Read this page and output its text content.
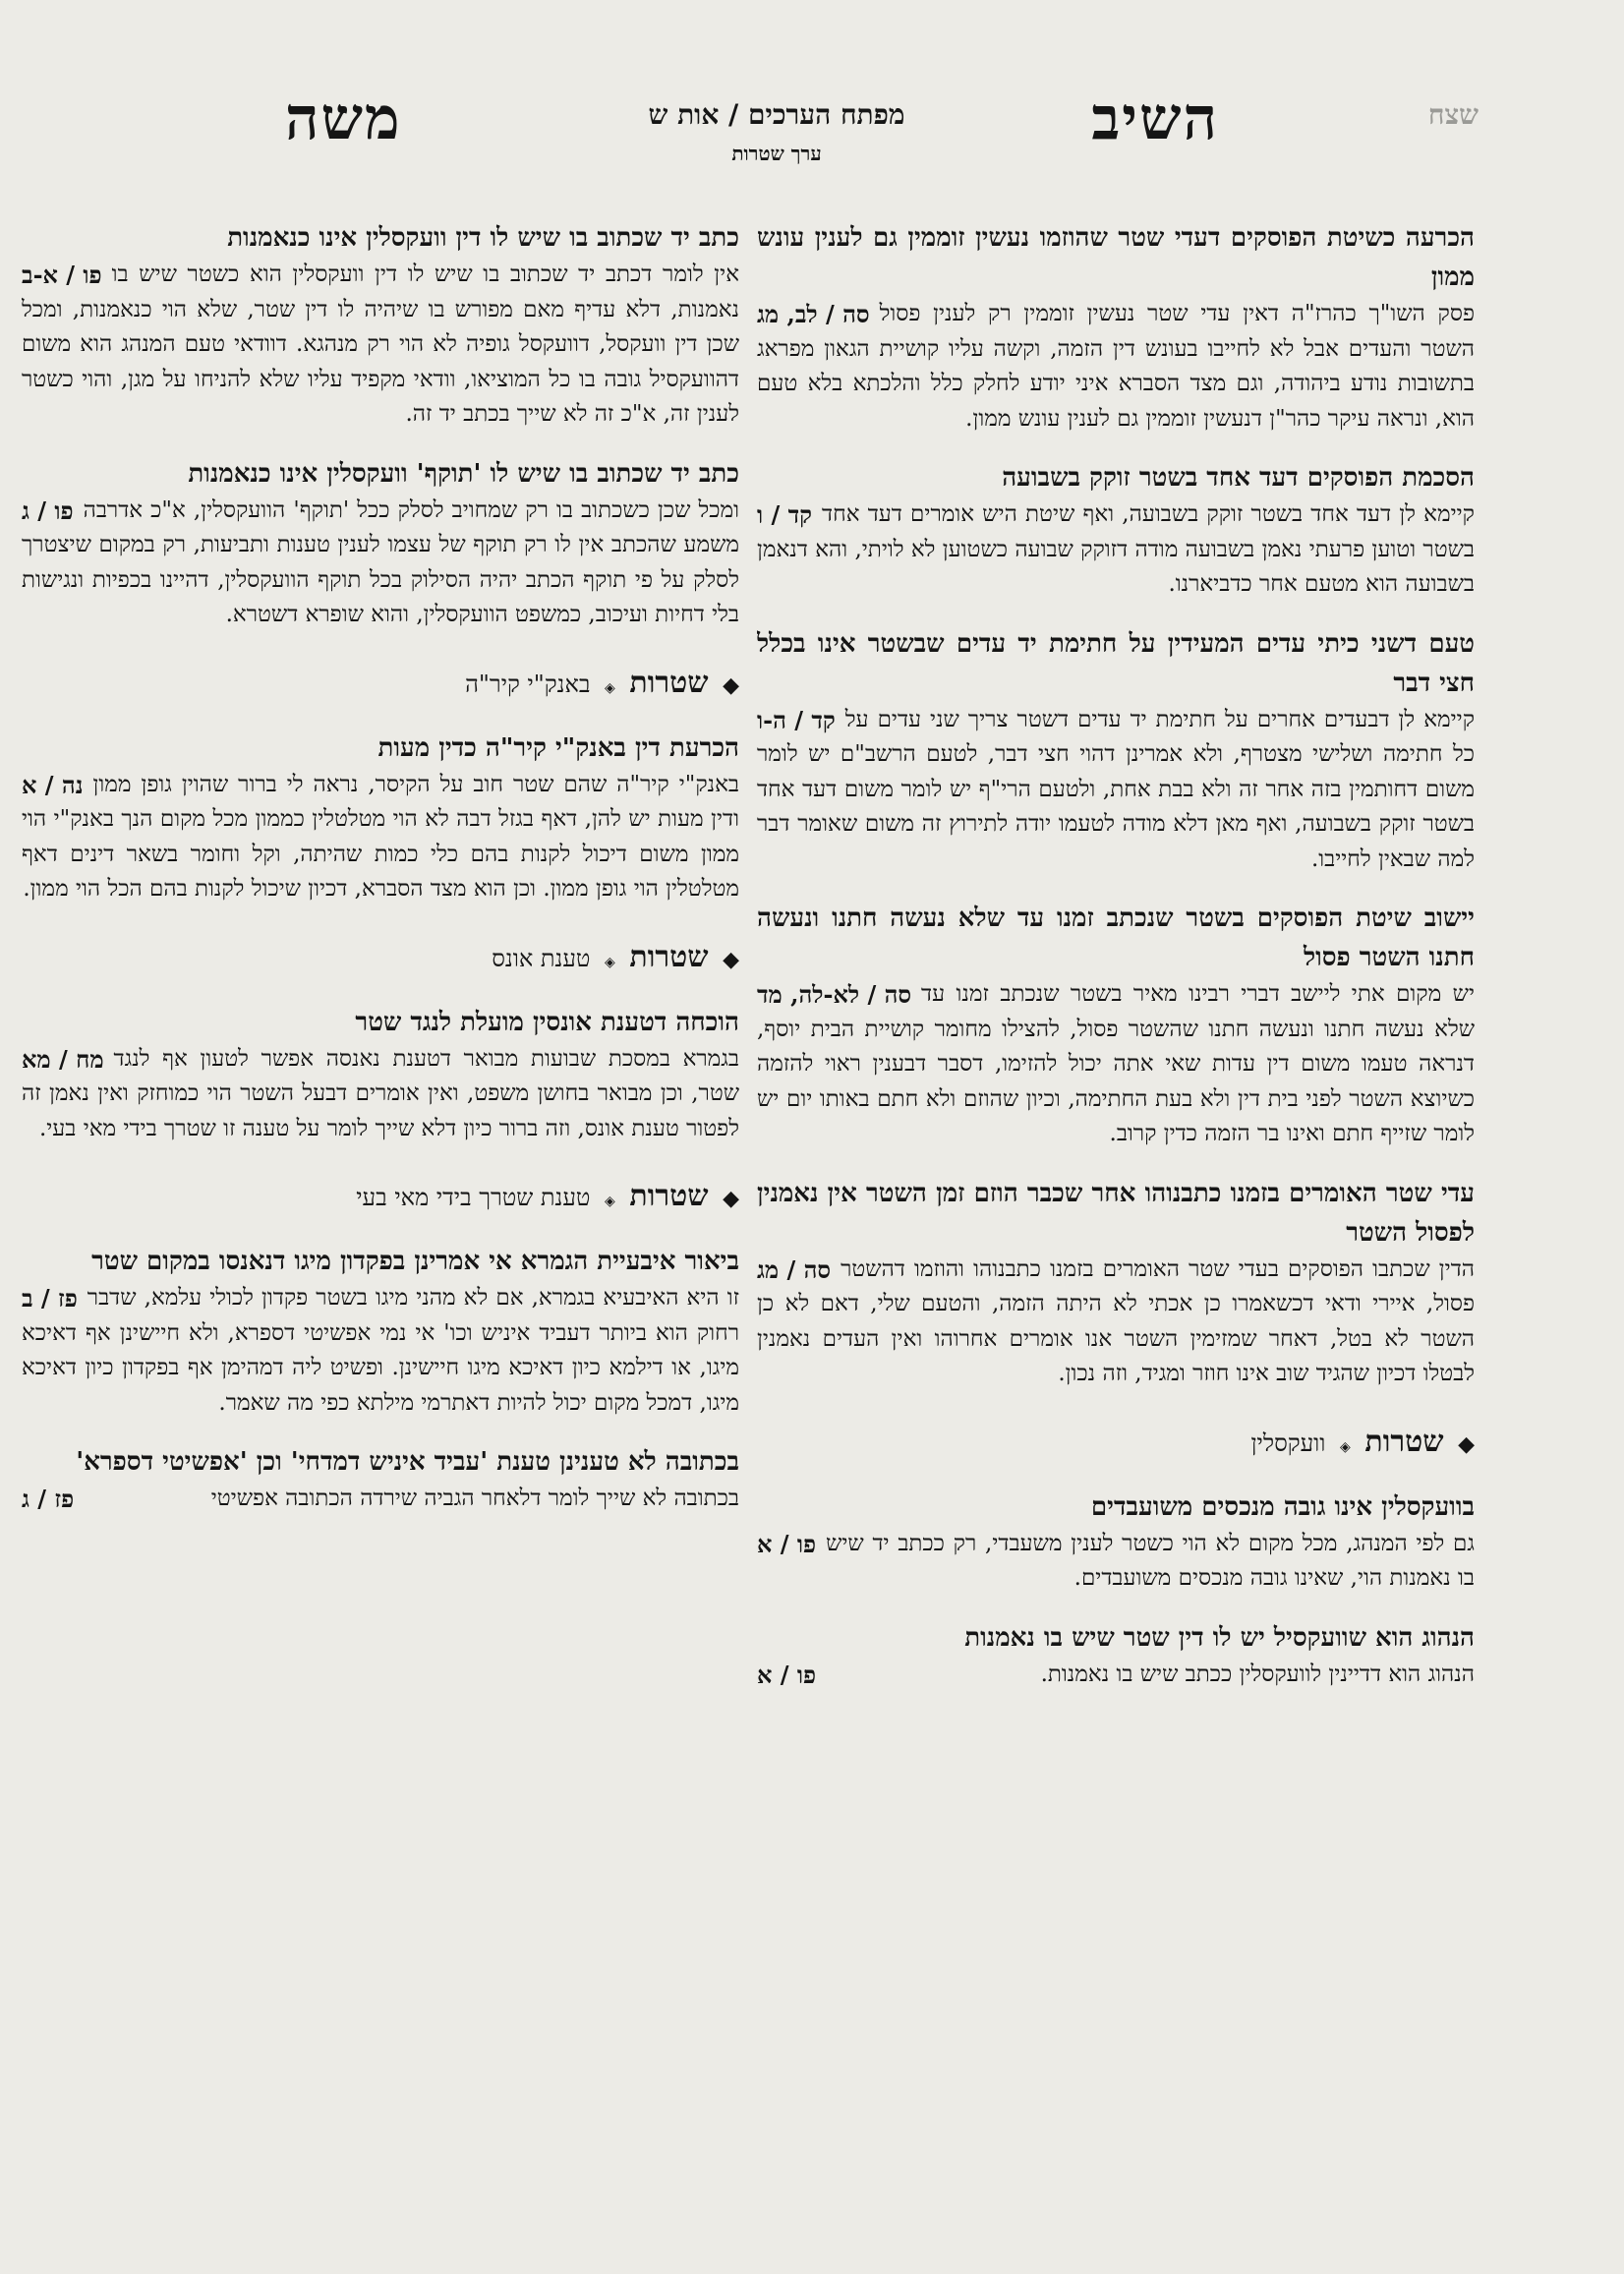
שצח
השיב
מפתח הערכים / אות ש
ערך שטרות
משה
הכרעה כשיטת הפוסקים דעדי שטר שהוזמו נעשין זוממין גם לענין עונש ממון
סה / לב, מג פסק השו"ך כהרז"ה דאין עדי שטר נעשין זוממין רק לענין פסול השטר והעדים אבל לא לחייבו בעונש דין הזמה, וקשה עליו קושיית הגאון מפראג בתשובות נודע ביהודה, וגם מצד הסברא איני יודע לחלק כלל והלכתא בלא טעם הוא, ונראה עיקר כהר"ן דנעשין זוממין גם לענין עונש ממון.
הסכמת הפוסקים דעד אחד בשטר זוקק בשבועה
קד / ו קיימא לן דעד אחד בשטר זוקק בשבועה, ואף שיטת היש אומרים דעד אחד בשטר וטוען פרעתי נאמן בשבועה מודה דזוקק שבועה כשטוען לא לויתי, והא דנאמן בשבועה הוא מטעם אחר כדביארנו.
טעם דשני כיתי עדים המעידין על חתימת יד עדים שבשטר אינו בכלל חצי דבר
קד / ה-ו קיימא לן דבעדים אחרים על חתימת יד עדים דשטר צריך שני עדים על כל חתימה ושלישי מצטרף, ולא אמרינן דהוי חצי דבר, לטעם הרשב"ם יש לומר משום דחותמין בזה אחר זה ולא בבת אחת, ולטעם הרי"ף יש לומר משום דעד אחד בשטר זוקק בשבועה, ואף מאן דלא מודה לטעמו יודה לתירוץ זה משום שאומר דבר למה שבאין לחייבו.
יישוב שיטת הפוסקים בשטר שנכתב זמנו עד שלא נעשה חתנו ונעשה חתנו השטר פסול
סה / לא-לה, מד יש מקום אתי ליישב דברי רבינו מאיר בשטר שנכתב זמנו עד שלא נעשה חתנו ונעשה חתנו שהשטר פסול, להצילו מחומר קושיית הבית יוסף, דנראה טעמו משום דין עדות שאי אתה יכול להזימו, דסבר דבענין ראוי להזמה כשיוצא השטר לפני בית דין ולא בעת החתימה, וכיון שהוזם ולא חתם באותו יום יש לומר שזייף חתם ואינו בר הזמה כדין קרוב.
עדי שטר האומרים בזמנו כתבנוהו אחר שכבר הוזם זמן השטר אין נאמנין לפסול השטר
סה / מג הדין שכתבו הפוסקים בעדי שטר האומרים בזמנו כתבנוהו והוזמו דהשטר פסול, איירי ודאי דכשאמרו כן אכתי לא היתה הזמה, והטעם שלי, דאם לא כן השטר לא בטל, דאחר שמזימין השטר אנו אומרים אחרוהו ואין העדים נאמנין לבטלו דכיון שהגיד שוב אינו חוזר ומגיד, וזה נכון.
◆ שטרות ◈ וועקסלין
בוועקסלין אינו גובה מנכסים משועבדים
פו / א גם לפי המנהג, מכל מקום לא הוי כשטר לענין משעבדי, רק ככתב יד שיש בו נאמנות הוי, שאינו גובה מנכסים משועבדים.
הנהוג הוא שוועקסיל יש לו דין שטר שיש בו נאמנות
פו / א	הנהוג הוא דדיינין לוועקסלין ככתב שיש בו נאמנות.
כתב יד שכתוב בו שיש לו דין וועקסלין אינו כנאמנות
פו / א-ב אין לומר דכתב יד שכתוב בו שיש לו דין וועקסלין הוא כשטר שיש בו נאמנות, דלא עדיף מאם מפורש בו שיהיה לו דין שטר, שלא הוי כנאמנות, ומכל שכן דין וועקסל, דוועקסל גופיה לא הוי רק מנהגא. דוודאי טעם המנהג הוא משום דהוועקסיל גובה בו כל המוציאו, וודאי מקפיד עליו שלא להניחו על מגן, והוי כשטר לענין זה, א"כ זה לא שייך בכתב יד זה.
כתב יד שכתוב בו שיש לו 'תוקף' וועקסלין אינו כנאמנות
פו / ג ומכל שכן כשכתוב בו רק שמחויב לסלק ככל 'תוקף' הוועקסלין, א"כ אדרבה משמע שהכתב אין לו רק תוקף של עצמו לענין טענות ותביעות, רק במקום שיצטרך לסלק על פי תוקף הכתב יהיה הסילוק בכל תוקף הוועקסלין, דהיינו בכפיות ונגישות בלי דחיות ועיכוב, כמשפט הוועקסלין, והוא שופרא דשטרא.
◆ שטרות ◈ באנק"י קיר"ה
הכרעת דין באנק"י קיר"ה כדין מעות
נה / א באנק"י קיר"ה שהם שטר חוב על הקיסר, נראה לי ברור שהוין גופן ממון ודין מעות יש להן, דאף בגזל דבה לא הוי מטלטלין כממון מכל מקום הנך באנק"י הוי ממון משום דיכול לקנות בהם כלי כמות שהיתה, וקל וחומר בשאר דינים דאף מטלטלין הוי גופן ממון. וכן הוא מצד הסברא, דכיון שיכול לקנות בהם הכל הוי ממון.
◆ שטרות ◈ טענת אונס
הוכחה דטענת אונסין מועלת לנגד שטר
מח / מא בגמרא במסכת שבועות מבואר דטענת נאנסה אפשר לטעון אף לנגד שטר, וכן מבואר בחושן משפט, ואין אומרים דבעל השטר הוי כמוחזק ואין נאמן זה לפטור טענת אונס, וזה ברור כיון דלא שייך לומר על טענה זו שטרך בידי מאי בעי.
◆ שטרות ◈ טענת שטרך בידי מאי בעי
ביאור איבעיית הגמרא אי אמרינן בפקדון מיגו דנאנסו במקום שטר
פז / ב זו היא האיבעיא בגמרא, אם לא מהני מיגו בשטר פקדון לכולי עלמא, שדבר רחוק הוא ביותר דעביד איניש וכו' אי נמי אפשיטי דספרא, ולא חיישינן אף דאיכא מיגו, או דילמא כיון דאיכא מיגו חיישינן. ופשיט ליה דמהימן אף בפקדון כיון דאיכא מיגו, דמכל מקום יכול להיות דאתרמי מילתא כפי מה שאמר.
בכתובה לא טענינן טענת 'עביד איניש דמדחי' וכן 'אפשיטי דספרא'
פז / ג	בכתובה לא שייך לומר דלאחר הגביה שירדה הכתובה אפשיטי
